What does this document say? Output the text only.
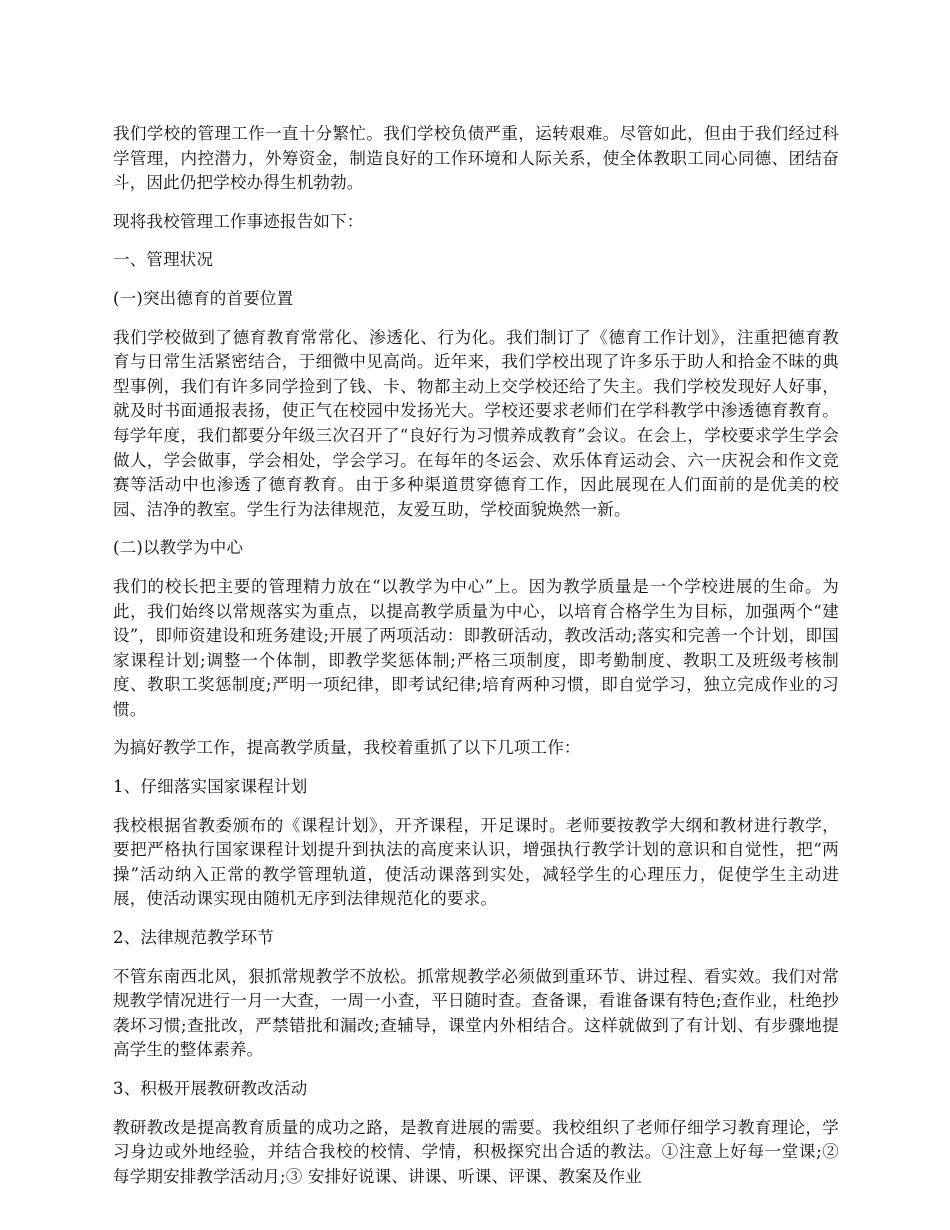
我们学校的管理工作一直十分繁忙。我们学校负债严重，运转艰难。尽管如此，但由于我们经过科学管理，内控潜力，外筹资金，制造良好的工作环境和人际关系，使全体教职工同心同德、团结奋斗，因此仍把学校办得生机勃勃。

现将我校管理工作事迹报告如下：

一、管理状况

(一)突出德育的首要位置

我们学校做到了德育教育常常化、渗透化、行为化。我们制订了《德育工作计划》，注重把德育教育与日常生活紧密结合，于细微中见高尚。近年来，我们学校出现了许多乐于助人和拾金不昧的典型事例，我们有许多同学捡到了钱、卡、物都主动上交学校还给了失主。我们学校发现好人好事，就及时书面通报表扬，使正气在校园中发扬光大。学校还要求老师们在学科教学中渗透德育教育。每学年度，我们都要分年级三次召开了“良好行为习惯养成教育”会议。在会上，学校要求学生学会做人，学会做事，学会相处，学会学习。在每年的冬运会、欢乐体育运动会、六一庆祝会和作文竞赛等活动中也渗透了德育教育。由于多种渠道贯穿德育工作，因此展现在人们面前的是优美的校园、洁净的教室。学生行为法律规范，友爱互助，学校面貌焕然一新。

(二)以教学为中心

我们的校长把主要的管理精力放在“以教学为中心”上。因为教学质量是一个学校进展的生命。为此，我们始终以常规落实为重点，以提高教学质量为中心，以培育合格学生为目标，加强两个“建设”，即师资建设和班务建设;开展了两项活动：即教研活动，教改活动;落实和完善一个计划，即国家课程计划;调整一个体制，即教学奖惩体制;严格三项制度，即考勤制度、教职工及班级考核制度、教职工奖惩制度;严明一项纪律，即考试纪律;培育两种习惯，即自觉学习，独立完成作业的习惯。

为搞好教学工作，提高教学质量，我校着重抓了以下几项工作：

1、仔细落实国家课程计划

我校根据省教委颁布的《课程计划》，开齐课程，开足课时。老师要按教学大纲和教材进行教学，要把严格执行国家课程计划提升到执法的高度来认识，增强执行教学计划的意识和自觉性，把“两操”活动纳入正常的教学管理轨道，使活动课落到实处，减轻学生的心理压力，促使学生主动进展，使活动课实现由随机无序到法律规范化的要求。

2、法律规范教学环节

不管东南西北风，狠抓常规教学不放松。抓常规教学必须做到重环节、讲过程、看实效。我们对常规教学情况进行一月一大查，一周一小查，平日随时查。查备课，看谁备课有特色;查作业，杜绝抄袭坏习惯;查批改，严禁错批和漏改;查辅导，课堂内外相结合。这样就做到了有计划、有步骤地提高学生的整体素养。

3、积极开展教研教改活动

教研教改是提高教育质量的成功之路，是教育进展的需要。我校组织了老师仔细学习教育理论，学习身边或外地经验，并结合我校的校情、学情，积极探究出合适的教法。①注意上好每一堂课;② 每学期安排教学活动月;③ 安排好说课、讲课、听课、评课、教案及作业
